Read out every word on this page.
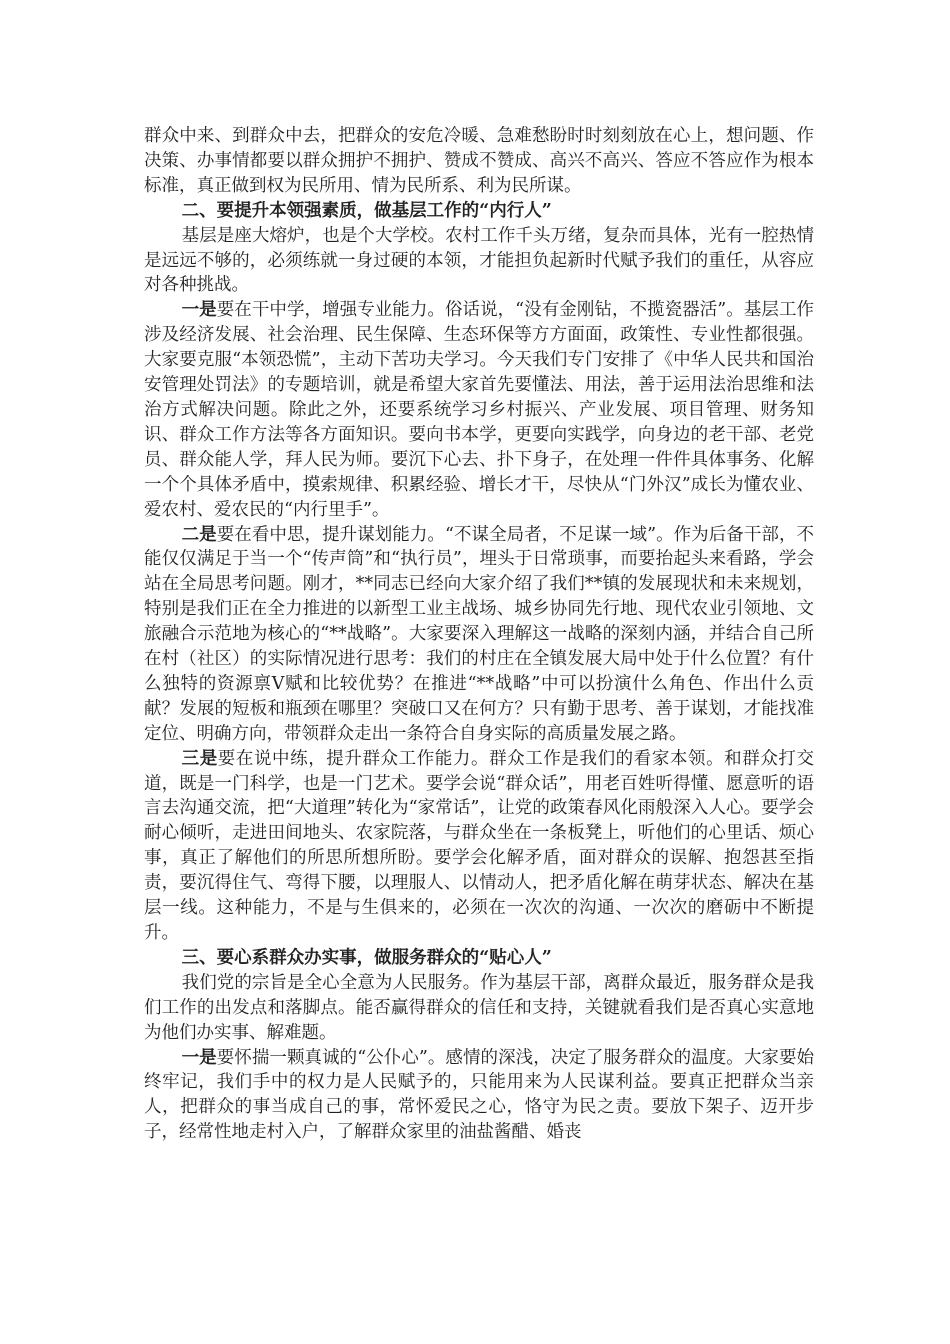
群众中来、到群众中去，把群众的安危冷暖、急难愁盼时时刻刻放在心上，想问题、作决策、办事情都要以群众拥护不拥护、赞成不赞成、高兴不高兴、答应不答应作为根本标准，真正做到权为民所用、情为民所系、利为民所谋。

二、要提升本领强素质，做基层工作的“内行人”

基层是座大熔炉，也是个大学校。农村工作千头万绪，复杂而具体，光有一腔热情是远远不够的，必须练就一身过硬的本领，才能担负起新时代赋予我们的重任，从容应对各种挑战。

一是要在干中学，增强专业能力。俗话说，“没有金刚钻，不揽瓷器活”。基层工作涉及经济发展、社会治理、民生保障、生态环保等方方面面，政策性、专业性都很强。大家要克服“本领恐慌”，主动下苦功夫学习。今天我们专门安排了《中华人民共和国治安管理处罚法》的专题培训，就是希望大家首先要懂法、用法，善于运用法治思维和法治方式解决问题。除此之外，还要系统学习乡村振兴、产业发展、项目管理、财务知识、群众工作方法等各方面知识。要向书本学，更要向实践学，向身边的老干部、老党员、群众能人学，拜人民为师。要沉下心去、扑下身子，在处理一件件具体事务、化解一个个具体矛盾中，摸索规律、积累经验、增长才干，尽快从“门外汉”成长为懂农业、爱农村、爱农民的“内行里手”。

二是要在看中思，提升谋划能力。“不谋全局者，不足谋一域”。作为后备干部，不能仅仅满足于当一个“传声筒”和“执行员”，埋头于日常琐事，而要抬起头来看路，学会站在全局思考问题。刚才，**同志已经向大家介绍了我们**镇的发展现状和未来规划，特别是我们正在全力推进的以新型工业主战场、城乡协同先行地、现代农业引领地、文旅融合示范地为核心的“**战略”。大家要深入理解这一战略的深刻内涵，并结合自己所在村（社区）的实际情况进行思考：我们的村庄在全镇发展大局中处于什么位置？有什么独特的资源禀V赋和比较优势？在推进“**战略”中可以扮演什么角色、作出什么贡献？发展的短板和瓶颈在哪里？突破口又在何方？只有勤于思考、善于谋划，才能找准定位、明确方向，带领群众走出一条符合自身实际的高质量发展之路。

三是要在说中练，提升群众工作能力。群众工作是我们的看家本领。和群众打交道，既是一门科学，也是一门艺术。要学会说“群众话”，用老百姓听得懂、愿意听的语言去沟通交流，把“大道理”转化为“家常话”，让党的政策春风化雨般深入人心。要学会耐心倾听，走进田间地头、农家院落，与群众坐在一条板凳上，听他们的心里话、烦心事，真正了解他们的所思所想所盼。要学会化解矛盾，面对群众的误解、抱怨甚至指责，要沉得住气、弯得下腰，以理服人、以情动人，把矛盾化解在萌芽状态、解决在基层一线。这种能力，不是与生俱来的，必须在一次次的沟通、一次次的磨砺中不断提升。

三、要心系群众办实事，做服务群众的“贴心人”

我们党的宗旨是全心全意为人民服务。作为基层干部，离群众最近，服务群众是我们工作的出发点和落脚点。能否赢得群众的信任和支持，关键就看我们是否真心实意地为他们办实事、解难题。

一是要怀揣一颗真诚的“公仆心”。感情的深浅，决定了服务群众的温度。大家要始终牢记，我们手中的权力是人民赋予的，只能用来为人民谋利益。要真正把群众当亲人，把群众的事当成自己的事，常怀爱民之心，恪守为民之责。要放下架子、迈开步子，经常性地走村入户，了解群众家里的油盐酱醋、婚丧
